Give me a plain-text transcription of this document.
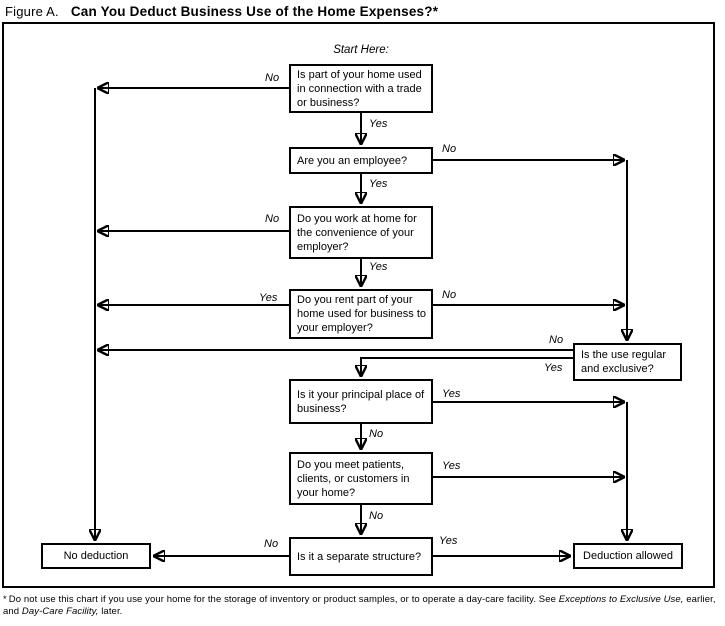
Figure A. Can You Deduct Business Use of the Home Expenses?*
Start Here:
Is part of your home used in connection with a trade or business?
Are you an employee?
Do you work at home for the convenience of your employer?
Do you rent part of your home used for business to your employer?
Is the use regular and exclusive?
Is it your principal place of business?
Do you meet patients, clients, or customers in your home?
Is it a separate structure?
No deduction	Deduction allowed
No
Yes
No
Yes
No
Yes
Yes	No
No
Yes
Yes
No
Yes
No
No	Yes
* Do not use this chart if you use your home for the storage of inventory or product samples, or to operate a day-care facility. See Exceptions to Exclusive Use, earlier, and Day-Care Facility, later.
